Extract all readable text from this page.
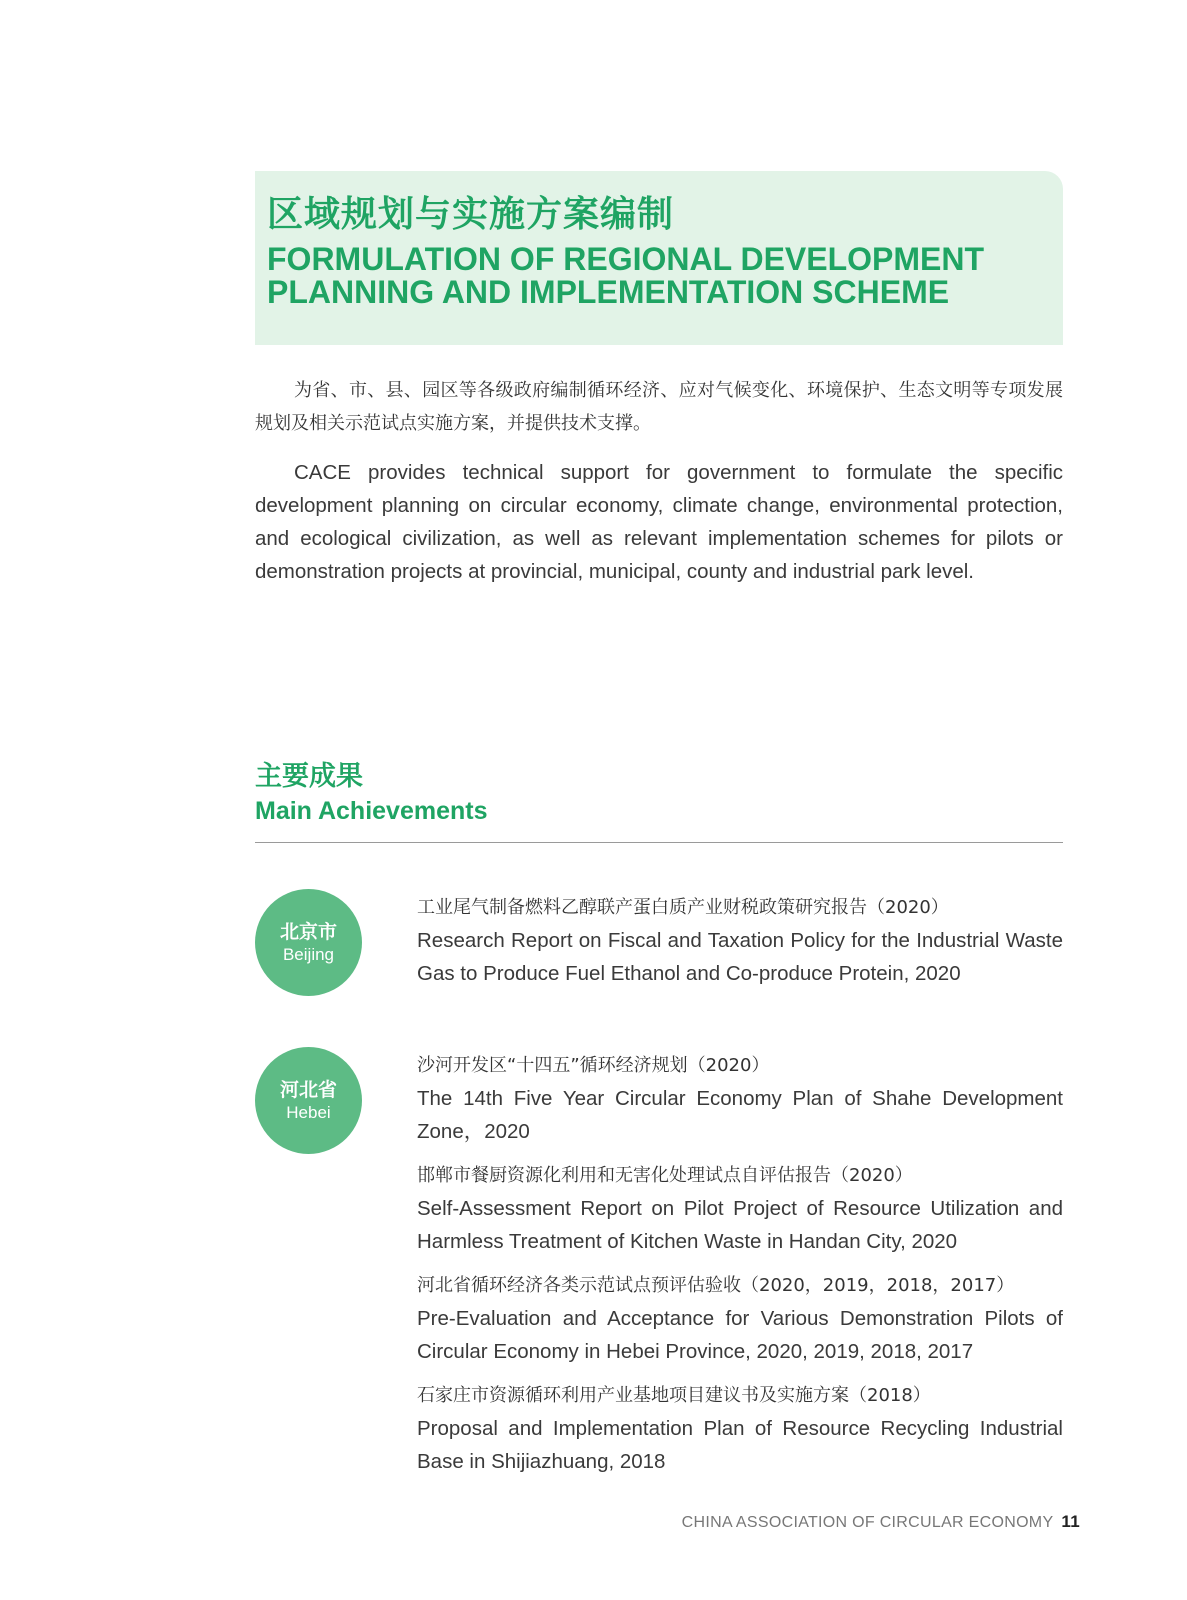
区域规划与实施方案编制
FORMULATION OF REGIONAL DEVELOPMENT
PLANNING AND IMPLEMENTATION SCHEME

为省、市、县、园区等各级政府编制循环经济、应对气候变化、环境保护、生态文明等专项发展规划及相关示范试点实施方案，并提供技术支撑。

CACE provides technical support for government to formulate the specific development planning on circular economy, climate change, environmental protection, and ecological civilization, as well as relevant implementation schemes for pilots or demonstration projects at provincial, municipal, county and industrial park level.

主要成果
Main Achievements
北京市
Beijing
工业尾气制备燃料乙醇联产蛋白质产业财税政策研究报告（2020）
Research Report on Fiscal and Taxation Policy for the Industrial Waste Gas to Produce Fuel Ethanol and Co-produce Protein, 2020
河北省
Hebei
沙河开发区“十四五”循环经济规划（2020）
The 14th Five Year Circular Economy Plan of Shahe Development Zone，2020
邯郸市餐厨资源化利用和无害化处理试点自评估报告（2020）
Self-Assessment Report on Pilot Project of Resource Utilization and Harmless Treatment of Kitchen Waste in Handan City, 2020
河北省循环经济各类示范试点预评估验收（2020，2019，2018，2017）
Pre-Evaluation and Acceptance for Various Demonstration Pilots of Circular Economy in Hebei Province, 2020, 2019, 2018, 2017
石家庄市资源循环利用产业基地项目建议书及实施方案（2018）
Proposal and Implementation Plan of Resource Recycling Industrial Base in Shijiazhuang, 2018
CHINA ASSOCIATION OF CIRCULAR ECONOMY 11
